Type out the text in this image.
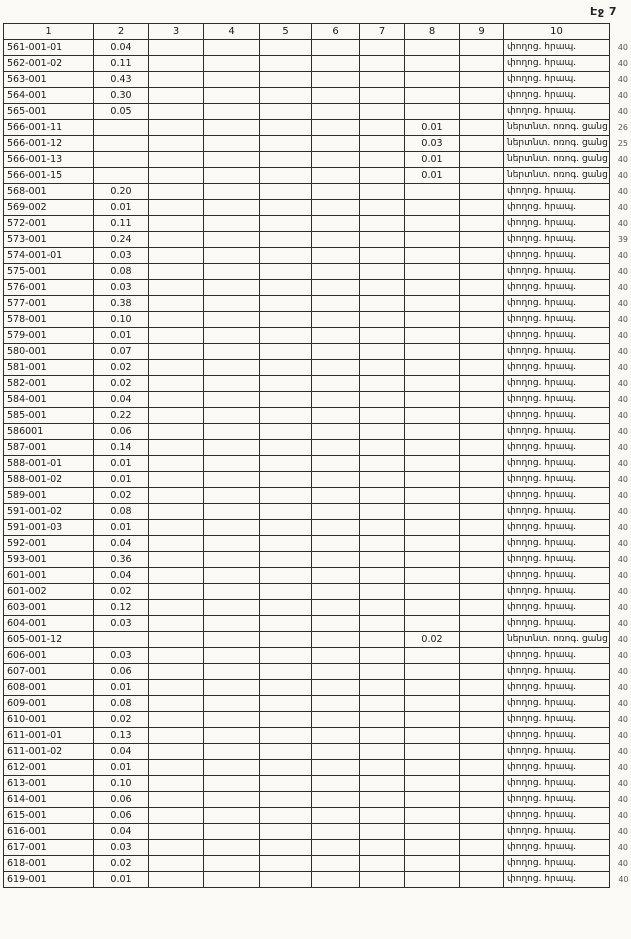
Էջ 7
1	2	3	4	5	6	7	8	9	10	
561-001-01	0.04								փողոց. հրապ.	40
562-001-02	0.11								փողոց. հրապ.	40
563-001	0.43								փողոց. հրապ.	40
564-001	0.30								փողոց. հրապ.	40
565-001	0.05								փողոց. հրապ.	40
566-001-11							0.01		ներտնտ. ոռոգ. ցանց	26
566-001-12							0.03		ներտնտ. ոռոգ. ցանց	25
566-001-13							0.01		ներտնտ. ոռոգ. ցանց	40
566-001-15							0.01		ներտնտ. ոռոգ. ցանց	40
568-001	0.20								փողոց. հրապ.	40
569-002	0.01								փողոց. հրապ.	40
572-001	0.11								փողոց. հրապ.	40
573-001	0.24								փողոց. հրապ.	39
574-001-01	0.03								փողոց. հրապ.	40
575-001	0.08								փողոց. հրապ.	40
576-001	0.03								փողոց. հրապ.	40
577-001	0.38								փողոց. հրապ.	40
578-001	0.10								փողոց. հրապ.	40
579-001	0.01								փողոց. հրապ.	40
580-001	0.07								փողոց. հրապ.	40
581-001	0.02								փողոց. հրապ.	40
582-001	0.02								փողոց. հրապ.	40
584-001	0.04								փողոց. հրապ.	40
585-001	0.22								փողոց. հրապ.	40
586001	0.06								փողոց. հրապ.	40
587-001	0.14								փողոց. հրապ.	40
588-001-01	0.01								փողոց. հրապ.	40
588-001-02	0.01								փողոց. հրապ.	40
589-001	0.02								փողոց. հրապ.	40
591-001-02	0.08								փողոց. հրապ.	40
591-001-03	0.01								փողոց. հրապ.	40
592-001	0.04								փողոց. հրապ.	40
593-001	0.36								փողոց. հրապ.	40
601-001	0.04								փողոց. հրապ.	40
601-002	0.02								փողոց. հրապ.	40
603-001	0.12								փողոց. հրապ.	40
604-001	0.03								փողոց. հրապ.	40
605-001-12							0.02		ներտնտ. ոռոգ. ցանց	40
606-001	0.03								փողոց. հրապ.	40
607-001	0.06								փողոց. հրապ.	40
608-001	0.01								փողոց. հրապ.	40
609-001	0.08								փողոց. հրապ.	40
610-001	0.02								փողոց. հրապ.	40
611-001-01	0.13								փողոց. հրապ.	40
611-001-02	0.04								փողոց. հրապ.	40
612-001	0.01								փողոց. հրապ.	40
613-001	0.10								փողոց. հրապ.	40
614-001	0.06								փողոց. հրապ.	40
615-001	0.06								փողոց. հրապ.	40
616-001	0.04								փողոց. հրապ.	40
617-001	0.03								փողոց. հրապ.	40
618-001	0.02								փողոց. հրապ.	40
619-001	0.01								փողոց. հրապ.	40
